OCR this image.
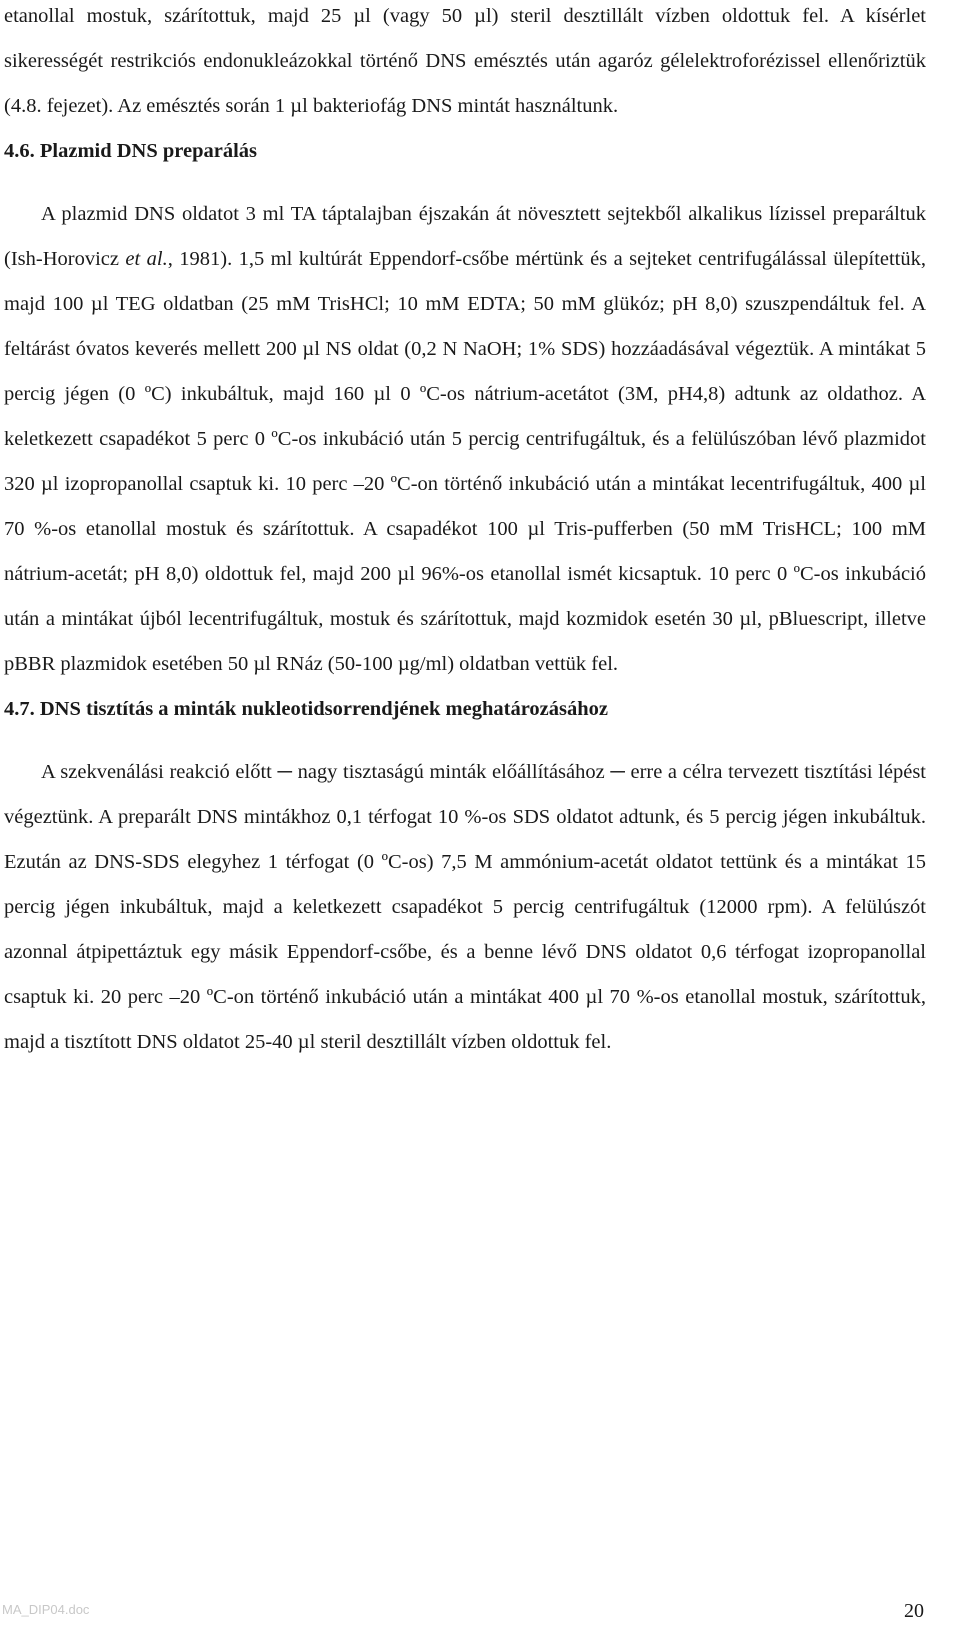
etanollal mostuk, szárítottuk, majd 25 µl (vagy 50 µl) steril desztillált vízben oldottuk fel. A kísérlet sikerességét restrikciós endonukleázokkal történő DNS emésztés után agaróz gélelektroforézissel ellenőriztük (4.8. fejezet). Az emésztés során 1 µl bakteriofág DNS mintát használtunk.

4.6. Plazmid DNS preparálás

A plazmid DNS oldatot 3 ml TA táptalajban éjszakán át növesztett sejtekből alkalikus lízissel preparáltuk (Ish-Horovicz et al., 1981). 1,5 ml kultúrát Eppendorf-csőbe mértünk és a sejteket centrifugálással ülepítettük, majd 100 µl TEG oldatban (25 mM TrisHCl; 10 mM EDTA; 50 mM glükóz; pH 8,0) szuszpendáltuk fel. A feltárást óvatos keverés mellett 200 µl NS oldat (0,2 N NaOH; 1% SDS) hozzáadásával végeztük. A mintákat 5 percig jégen (0 ºC) inkubáltuk, majd 160 µl 0 ºC-os nátrium-acetátot (3M, pH4,8) adtunk az oldathoz. A keletkezett csapadékot 5 perc 0 ºC-os inkubáció után 5 percig centrifugáltuk, és a felülúszóban lévő plazmidot 320 µl izopropanollal csaptuk ki. 10 perc –20 ºC-on történő inkubáció után a mintákat lecentrifugáltuk, 400 µl 70 %-os etanollal mostuk és szárítottuk. A csapadékot 100 µl Tris-pufferben (50 mM TrisHCL; 100 mM nátrium-acetát; pH 8,0) oldottuk fel, majd 200 µl 96%-os etanollal ismét kicsaptuk. 10 perc 0 ºC-os inkubáció után a mintákat újból lecentrifugáltuk, mostuk és szárítottuk, majd kozmidok esetén 30 µl, pBluescript, illetve pBBR plazmidok esetében 50 µl RNáz (50-100 µg/ml) oldatban vettük fel.

4.7. DNS tisztítás a minták nukleotidsorrendjének meghatározásához

A szekvenálási reakció előtt ─ nagy tisztaságú minták előállításához ─ erre a célra tervezett tisztítási lépést végeztünk. A preparált DNS mintákhoz 0,1 térfogat 10 %-os SDS oldatot adtunk, és 5 percig jégen inkubáltuk. Ezután az DNS-SDS elegyhez 1 térfogat (0 ºC-os) 7,5 M ammónium-acetát oldatot tettünk és a mintákat 15 percig jégen inkubáltuk, majd a keletkezett csapadékot 5 percig centrifugáltuk (12000 rpm). A felülúszót azonnal átpipettáztuk egy másik Eppendorf-csőbe, és a benne lévő DNS oldatot 0,6 térfogat izopropanollal csaptuk ki. 20 perc –20 ºC-on történő inkubáció után a mintákat 400 µl 70 %-os etanollal mostuk, szárítottuk, majd a tisztított DNS oldatot 25-40 µl steril desztillált vízben oldottuk fel.

MA_DIP04.doc	20
